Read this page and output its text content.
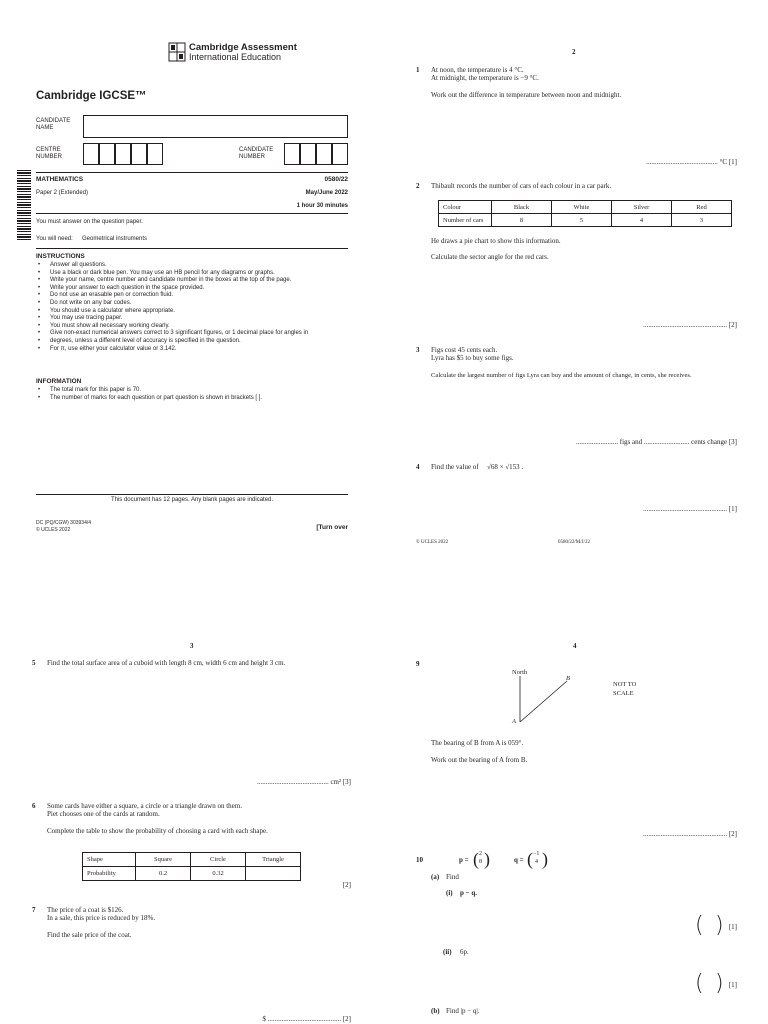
Cambridge Assessment
International Education
Cambridge IGCSE™
CANDIDATE
NAME
CENTRE
NUMBER
CANDIDATE
NUMBER
MATHEMATICS	0580/22
Paper 2 (Extended)	May/June 2022
1 hour 30 minutes
You must answer on the question paper.
You will need: Geometrical instruments
INSTRUCTIONS
• Answer all questions.
• Use a black or dark blue pen. You may use an HB pencil for any diagrams or graphs.
• Write your name, centre number and candidate number in the boxes at the top of the page.
• Write your answer to each question in the space provided.
• Do not use an erasable pen or correction fluid.
• Do not write on any bar codes.
• You should use a calculator where appropriate.
• You may use tracing paper.
• You must show all necessary working clearly.
• Give non-exact numerical answers correct to 3 significant figures, or 1 decimal place for angles in
• degrees, unless a different level of accuracy is specified in the question.
• For π, use either your calculator value or 3.142.
INFORMATION
• The total mark for this paper is 70.
• The number of marks for each question or part question is shown in brackets [ ].
This document has 12 pages. Any blank pages are indicated.
DC (PQ/CGW) 303934/4
© UCLES 2022	[Turn over
2
1 At noon, the temperature is 4 °C.
At midnight, the temperature is −9 °C.
Work out the difference in temperature between noon and midnight.
......................................... °C [1]
2 Thibault records the number of cars of each colour in a car park.
Colour	Black	White	Silver	Red
Number of cars	8	5	4	3
He draws a pie chart to show this information.
Calculate the sector angle for the red cars.
................................................ [2]
3 Figs cost 45 cents each.
Lyra has $5 to buy some figs.
Calculate the largest number of figs Lyra can buy and the amount of change, in cents, she receives.
........................ figs and .......................... cents change [3]
4 Find the value of √68 × √153 .
................................................ [1]
© UCLES 2022	0580/22/M/J/22
3
5 Find the total surface area of a cuboid with length 8 cm, width 6 cm and height 3 cm.
......................................... cm² [3]
6 Some cards have either a square, a circle or a triangle drawn on them.
Piet chooses one of the cards at random.
Complete the table to show the probability of choosing a card with each shape.
Shape	Square	Circle	Triangle
Probability	0.2	0.32	
[2]
7 The price of a coat is $126.
In a sale, this price is reduced by 18%.
Find the sale price of the coat.
$ .......................................... [2]
4
9
North
A
B
NOT TO
SCALE
The bearing of B from A is 059°.
Work out the bearing of A from B.
................................................ [2]
10	p = ( 2
8 )	q = ( −1
4 )
(a) Find
(i) p − q.
( ) [1]
(ii) 6p.
( ) [1]
(b) Find |p − q|.
